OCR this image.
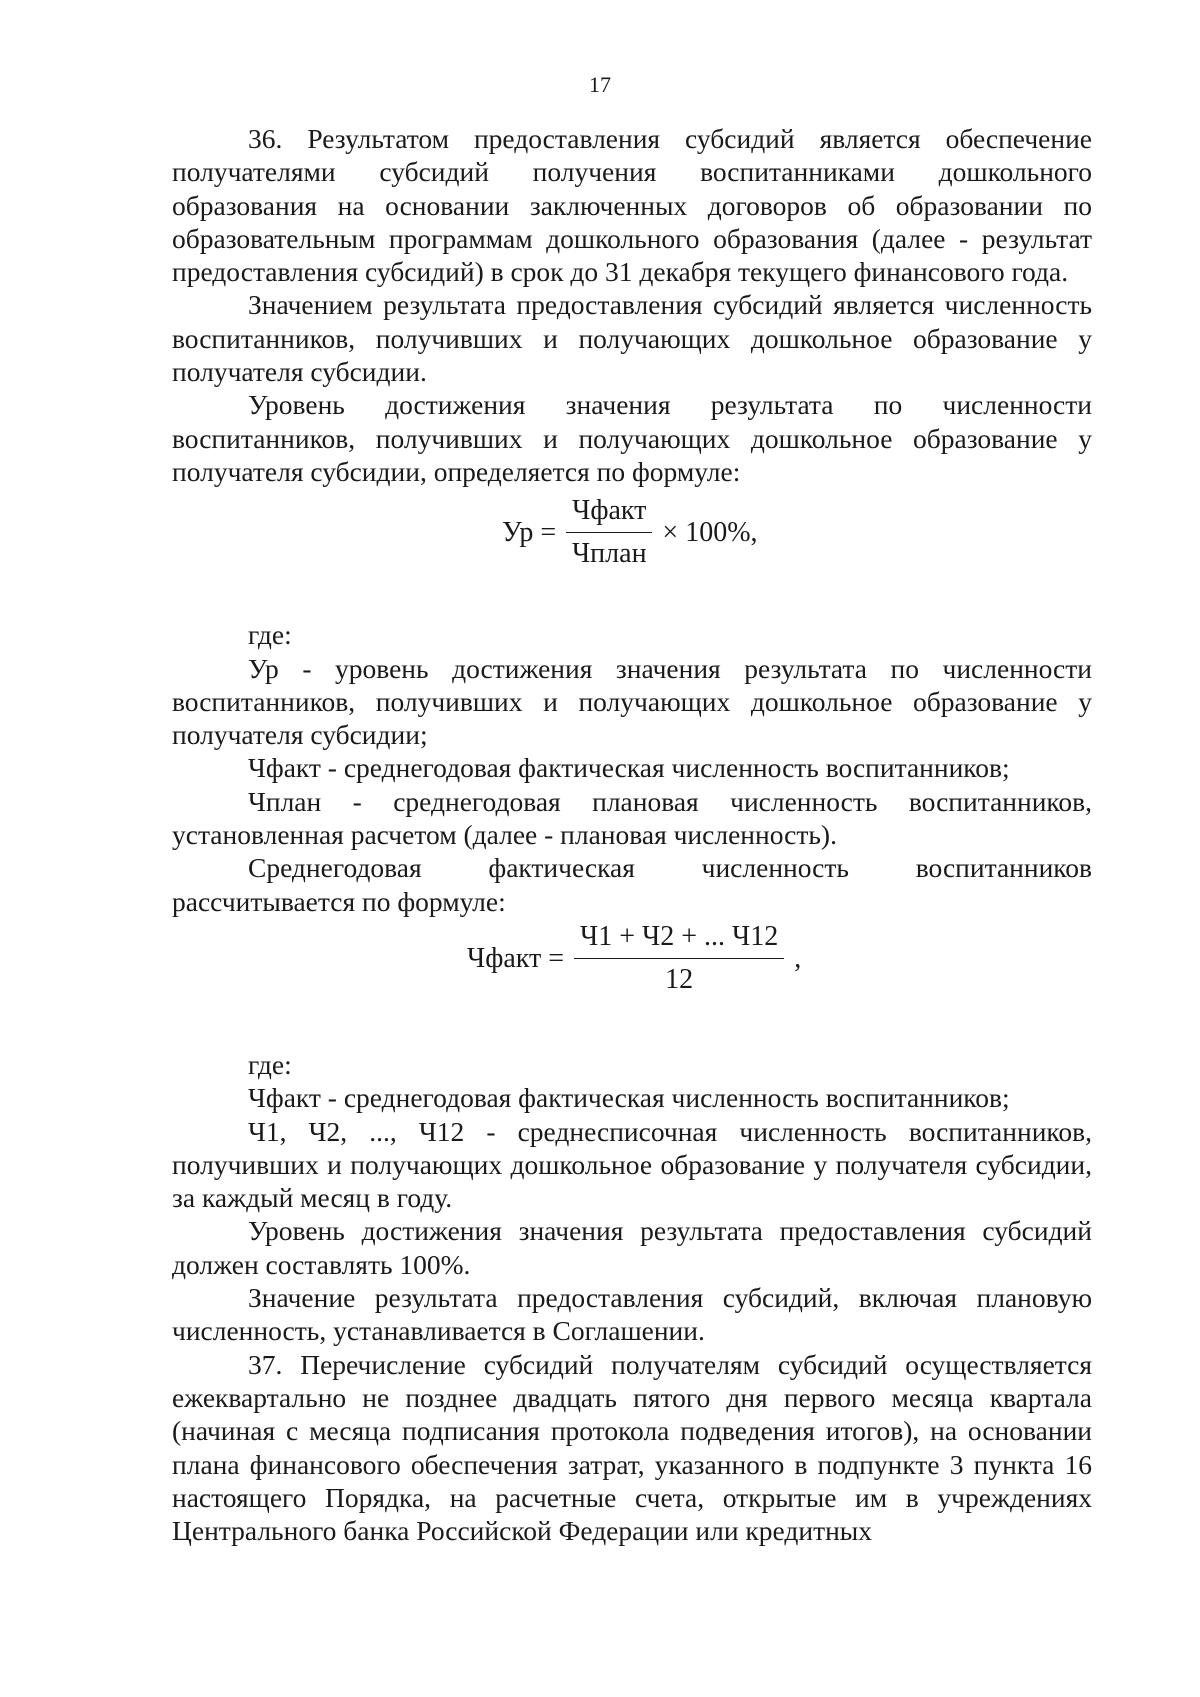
17

36. Результатом предоставления субсидий является обеспечение получателями субсидий получения воспитанниками дошкольного образования на основании заключенных договоров об образовании по образовательным программам дошкольного образования (далее - результат предоставления субсидий) в срок до 31 декабря текущего финансового года.

Значением результата предоставления субсидий является численность воспитанников, получивших и получающих дошкольное образование у получателя субсидии.

Уровень достижения значения результата по численности воспитанников, получивших и получающих дошкольное образование у получателя субсидии, определяется по формуле:

Ур = $\frac{\text{Чфакт}}{\text{Чплан}} \times 100\%$,

где:

Ур - уровень достижения значения результата по численности воспитанников, получивших и получающих дошкольное образование у получателя субсидии;

Чфакт - среднегодовая фактическая численность воспитанников;

Чплан - среднегодовая плановая численность воспитанников, установленная расчетом (далее - плановая численность).

Среднегодовая фактическая численность воспитанников рассчитывается по формуле:

Чфакт = $\frac{Ч1 + Ч2 + ... Ч12}{12}$ ,

где:

Чфакт - среднегодовая фактическая численность воспитанников;

Ч1, Ч2, ..., Ч12 - среднесписочная численность воспитанников, получивших и получающих дошкольное образование у получателя субсидии, за каждый месяц в году.

Уровень достижения значения результата предоставления субсидий должен составлять 100%.

Значение результата предоставления субсидий, включая плановую численность, устанавливается в Соглашении.

37. Перечисление субсидий получателям субсидий осуществляется ежеквартально не позднее двадцать пятого дня первого месяца квартала (начиная с месяца подписания протокола подведения итогов), на основании плана финансового обеспечения затрат, указанного в подпункте 3 пункта 16 настоящего Порядка, на расчетные счета, открытые им в учреждениях Центрального банка Российской Федерации или кредитных
